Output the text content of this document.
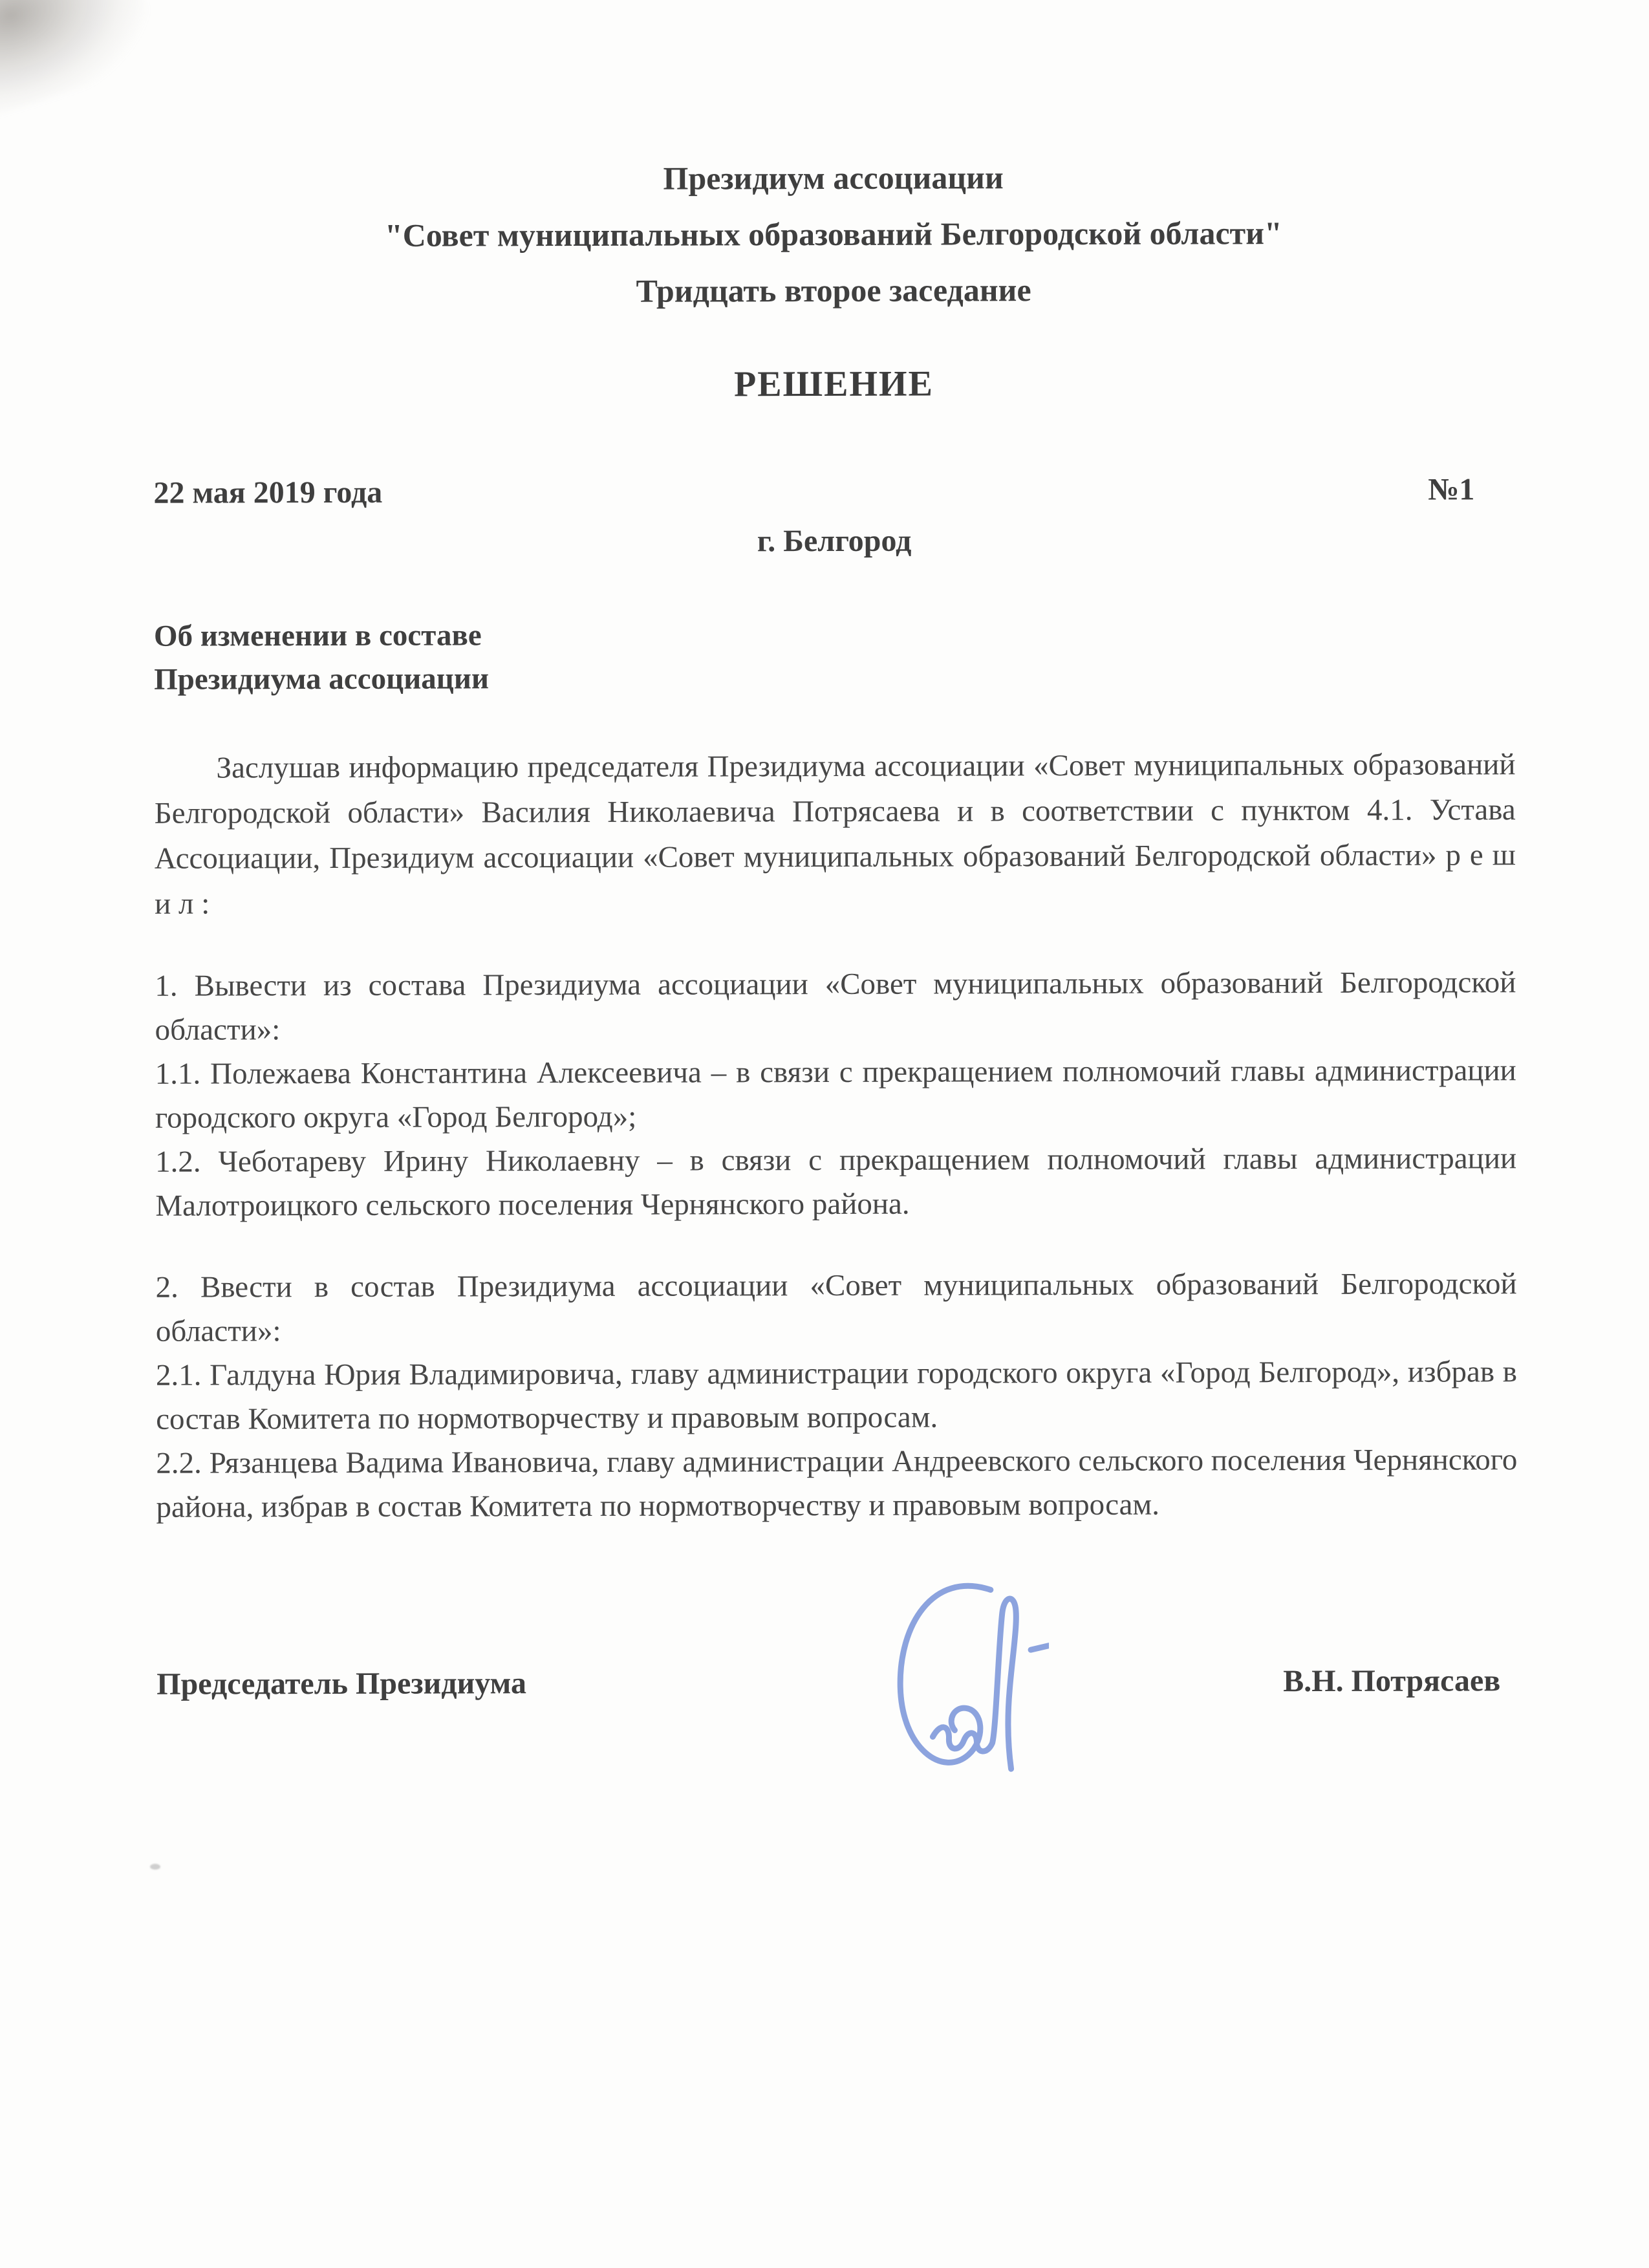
Президиум ассоциации
"Совет муниципальных образований Белгородской области"
Тридцать второе заседание
РЕШЕНИЕ
22 мая 2019 года	№1
г. Белгород
Об изменении в составе
Президиума ассоциации

Заслушав информацию председателя Президиума ассоциации «Совет муниципальных образований Белгородской области» Василия Николаевича Потрясаева и в соответствии с пунктом 4.1. Устава Ассоциации, Президиум ассоциации «Совет муниципальных образований Белгородской области» р е ш и л :

1. Вывести из состава Президиума ассоциации «Совет муниципальных образований Белгородской области»:

1.1. Полежаева Константина Алексеевича – в связи с прекращением полномочий главы администрации городского округа «Город Белгород»;

1.2. Чеботареву Ирину Николаевну – в связи с прекращением полномочий главы администрации Малотроицкого сельского поселения Чернянского района.

2. Ввести в состав Президиума ассоциации «Совет муниципальных образований Белгородской области»:

2.1. Галдуна Юрия Владимировича, главу администрации городского округа «Город Белгород», избрав в состав Комитета по нормотворчеству и правовым вопросам.

2.2. Рязанцева Вадима Ивановича, главу администрации Андреевского сельского поселения Чернянского района, избрав в состав Комитета по нормотворчеству и правовым вопросам.

Председатель Президиума	В.Н. Потрясаев
